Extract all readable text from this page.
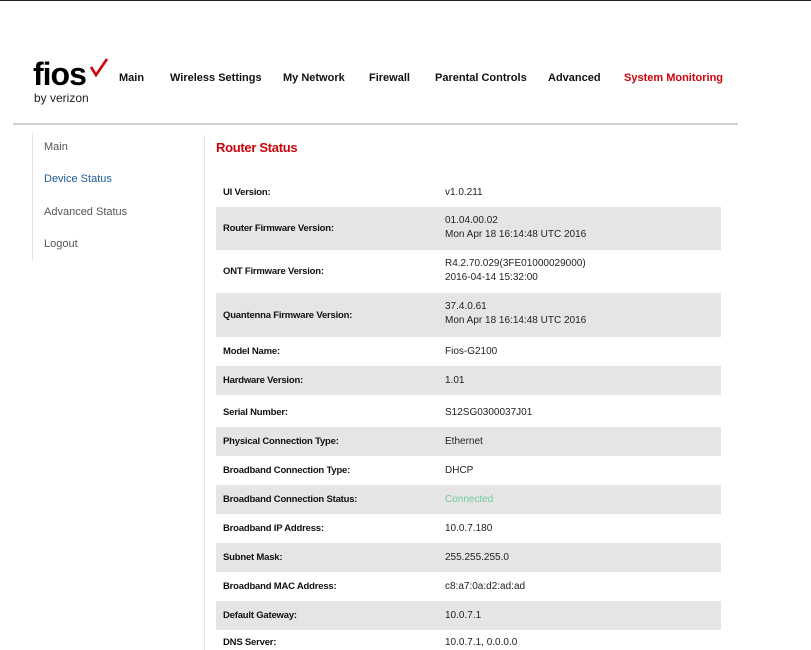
fios
by verizon
Main Wireless Settings My Network Firewall Parental Controls Advanced System Monitoring
Main
Device Status
Advanced Status
Logout
Router Status
UI Version:	v1.0.211
Router Firmware Version:
01.04.00.02
Mon Apr 18 16:14:48 UTC 2016
ONT Firmware Version:
R4.2.70.029(3FE01000029000)
2016-04-14 15:32:00
Quantenna Firmware Version:
37.4.0.61
Mon Apr 18 16:14:48 UTC 2016
Model Name:	Fios-G2100
Hardware Version:	1.01
Serial Number:	S12SG0300037J01
Physical Connection Type:	Ethernet
Broadband Connection Type:	DHCP
Broadband Connection Status:	Connected
Broadband IP Address:	10.0.7.180
Subnet Mask:	255.255.255.0
Broadband MAC Address:	c8:a7:0a:d2:ad:ad
Default Gateway:	10.0.7.1
DNS Server:	10.0.7.1, 0.0.0.0
